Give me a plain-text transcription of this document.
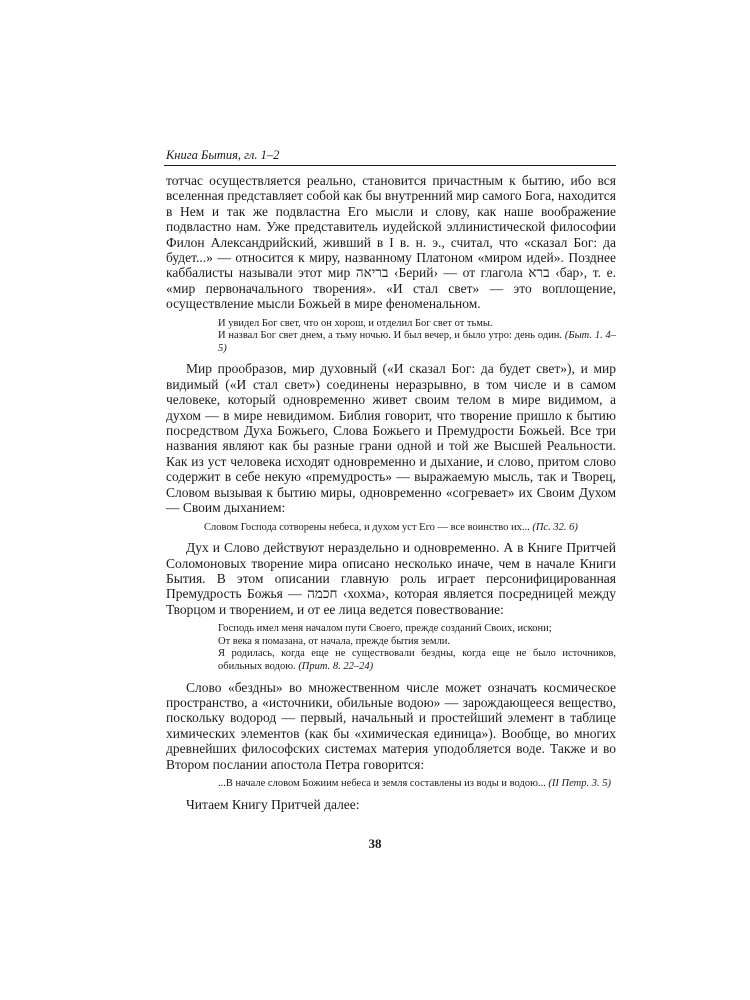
Книга Бытия, гл. 1–2

тотчас осуществляется реально, становится причастным к бытию, ибо вся вселенная представляет собой как бы внутренний мир самого Бога, находится в Нем и так же подвластна Его мысли и слову, как наше воображение подвластно нам. Уже представитель иудейской эллинистической философии Филон Александрийский, живший в I в. н. э., считал, что «сказал Бог: да будет...» — относится к миру, названному Платоном «миром идей». Позднее каббалисты называли этот мир בריאה ‹Берий› — от глагола ברא ‹бар›, т. е. «мир первоначального творения». «И стал свет» — это воплощение, осуществление мысли Божьей в мире феноменальном.

И увидел Бог свет, что он хорош, и отделил Бог свет от тьмы.
И назвал Бог свет днем, а тьму ночью. И был вечер, и было утро: день один. (Быт. 1. 4–5)

Мир прообразов, мир духовный («И сказал Бог: да будет свет»), и мир видимый («И стал свет») соединены неразрывно, в том числе и в самом человеке, который одновременно живет своим телом в мире видимом, а духом — в мире невидимом. Библия говорит, что творение пришло к бытию посредством Духа Божьего, Слова Божьего и Премудрости Божьей. Все три названия являют как бы разные грани одной и той же Высшей Реальности. Как из уст человека исходят одновременно и дыхание, и слово, притом слово содержит в себе некую «премудрость» — выражаемую мысль, так и Творец, Словом вызывая к бытию миры, одновременно «согревает» их Своим Духом — Своим дыханием:

Словом Господа сотворены небеса, и духом уст Его — все воинство их... (Пс. 32. 6)

Дух и Слово действуют нераздельно и одновременно. А в Книге Притчей Соломоновых творение мира описано несколько иначе, чем в начале Книги Бытия. В этом описании главную роль играет персонифицированная Премудрость Божья — חכמה ‹хохма›, которая является посредницей между Творцом и творением, и от ее лица ведется повествование:

Господь имел меня началом пути Своего, прежде созданий Своих, искони;
От века я помазана, от начала, прежде бытия земли.
Я родилась, когда еще не существовали бездны, когда еще не было источников, обильных водою. (Прит. 8. 22–24)

Слово «бездны» во множественном числе может означать космическое пространство, а «источники, обильные водою» — зарождающееся вещество, поскольку водород — первый, начальный и простейший элемент в таблице химических элементов (как бы «химическая единица»). Вообще, во многих древнейших философских системах материя уподобляется воде. Также и во Втором послании апостола Петра говорится:

...В начале словом Божиим небеса и земля составлены из воды и водою... (II Петр. 3. 5)

Читаем Книгу Притчей далее:

38
